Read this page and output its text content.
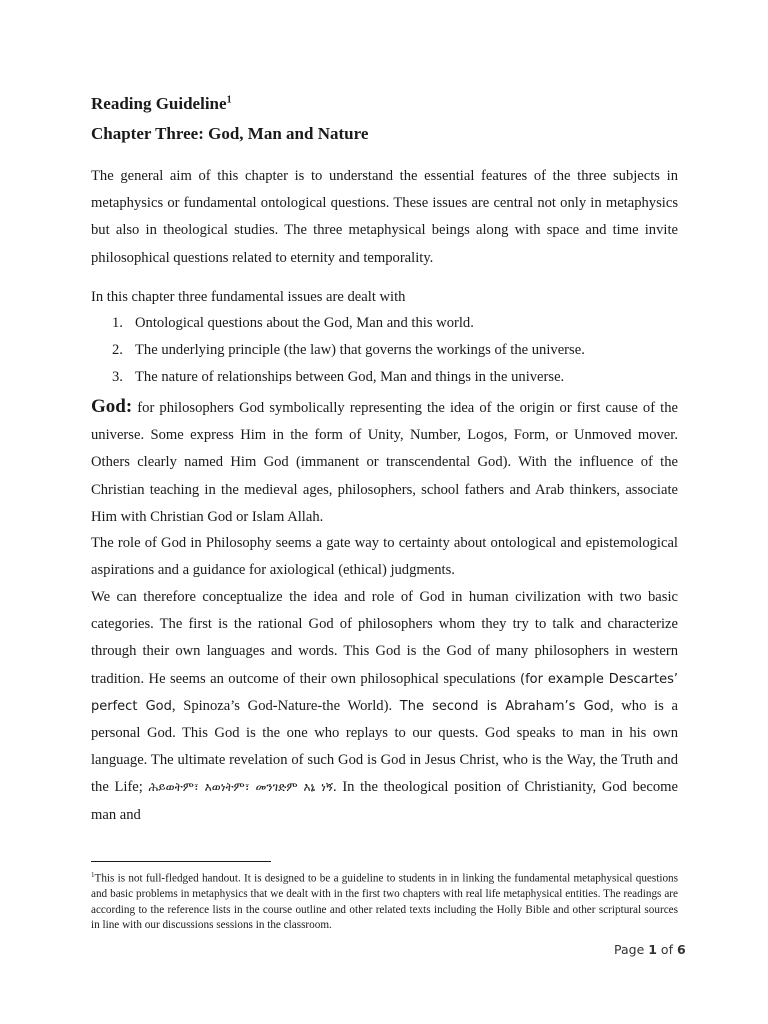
Reading Guideline$^1$
Chapter Three: God, Man and Nature

The general aim of this chapter is to understand the essential features of the three subjects in metaphysics or fundamental ontological questions. These issues are central not only in metaphysics but also in theological studies. The three metaphysical beings along with space and time invite philosophical questions related to eternity and temporality.

In this chapter three fundamental issues are dealt with

1. Ontological questions about the God, Man and this world.
2. The underlying principle (the law) that governs the workings of the universe.
3. The nature of relationships between God, Man and things in the universe.

God: for philosophers God symbolically representing the idea of the origin or first cause of the universe. Some express Him in the form of Unity, Number, Logos, Form, or Unmoved mover. Others clearly named Him God (immanent or transcendental God). With the influence of the Christian teaching in the medieval ages, philosophers, school fathers and Arab thinkers, associate Him with Christian God or Islam Allah.

The role of God in Philosophy seems a gate way to certainty about ontological and epistemological aspirations and a guidance for axiological (ethical) judgments.

We can therefore conceptualize the idea and role of God in human civilization with two basic categories. The first is the rational God of philosophers whom they try to talk and characterize through their own languages and words. This God is the God of many philosophers in western tradition. He seems an outcome of their own philosophical speculations (for example Descartes’ perfect God, Spinoza’s God-Nature-the World). The second is Abraham’s God, who is a personal God. This God is the one who replays to our quests. God speaks to man in his own language. The ultimate revelation of such God is God in Jesus Christ, who is the Way, the Truth and the Life; ሕይወትም፣ እወነትም፣ መንገድም እኔ ነኝ. In the theological position of Christianity, God become man and

$^1$This is not full-fledged handout. It is designed to be a guideline to students in in linking the fundamental metaphysical questions and basic problems in metaphysics that we dealt with in the first two chapters with real life metaphysical entities. The readings are according to the reference lists in the course outline and other related texts including the Holly Bible and other scriptural sources in line with our discussions sessions in the classroom.

Page 1 of 6
